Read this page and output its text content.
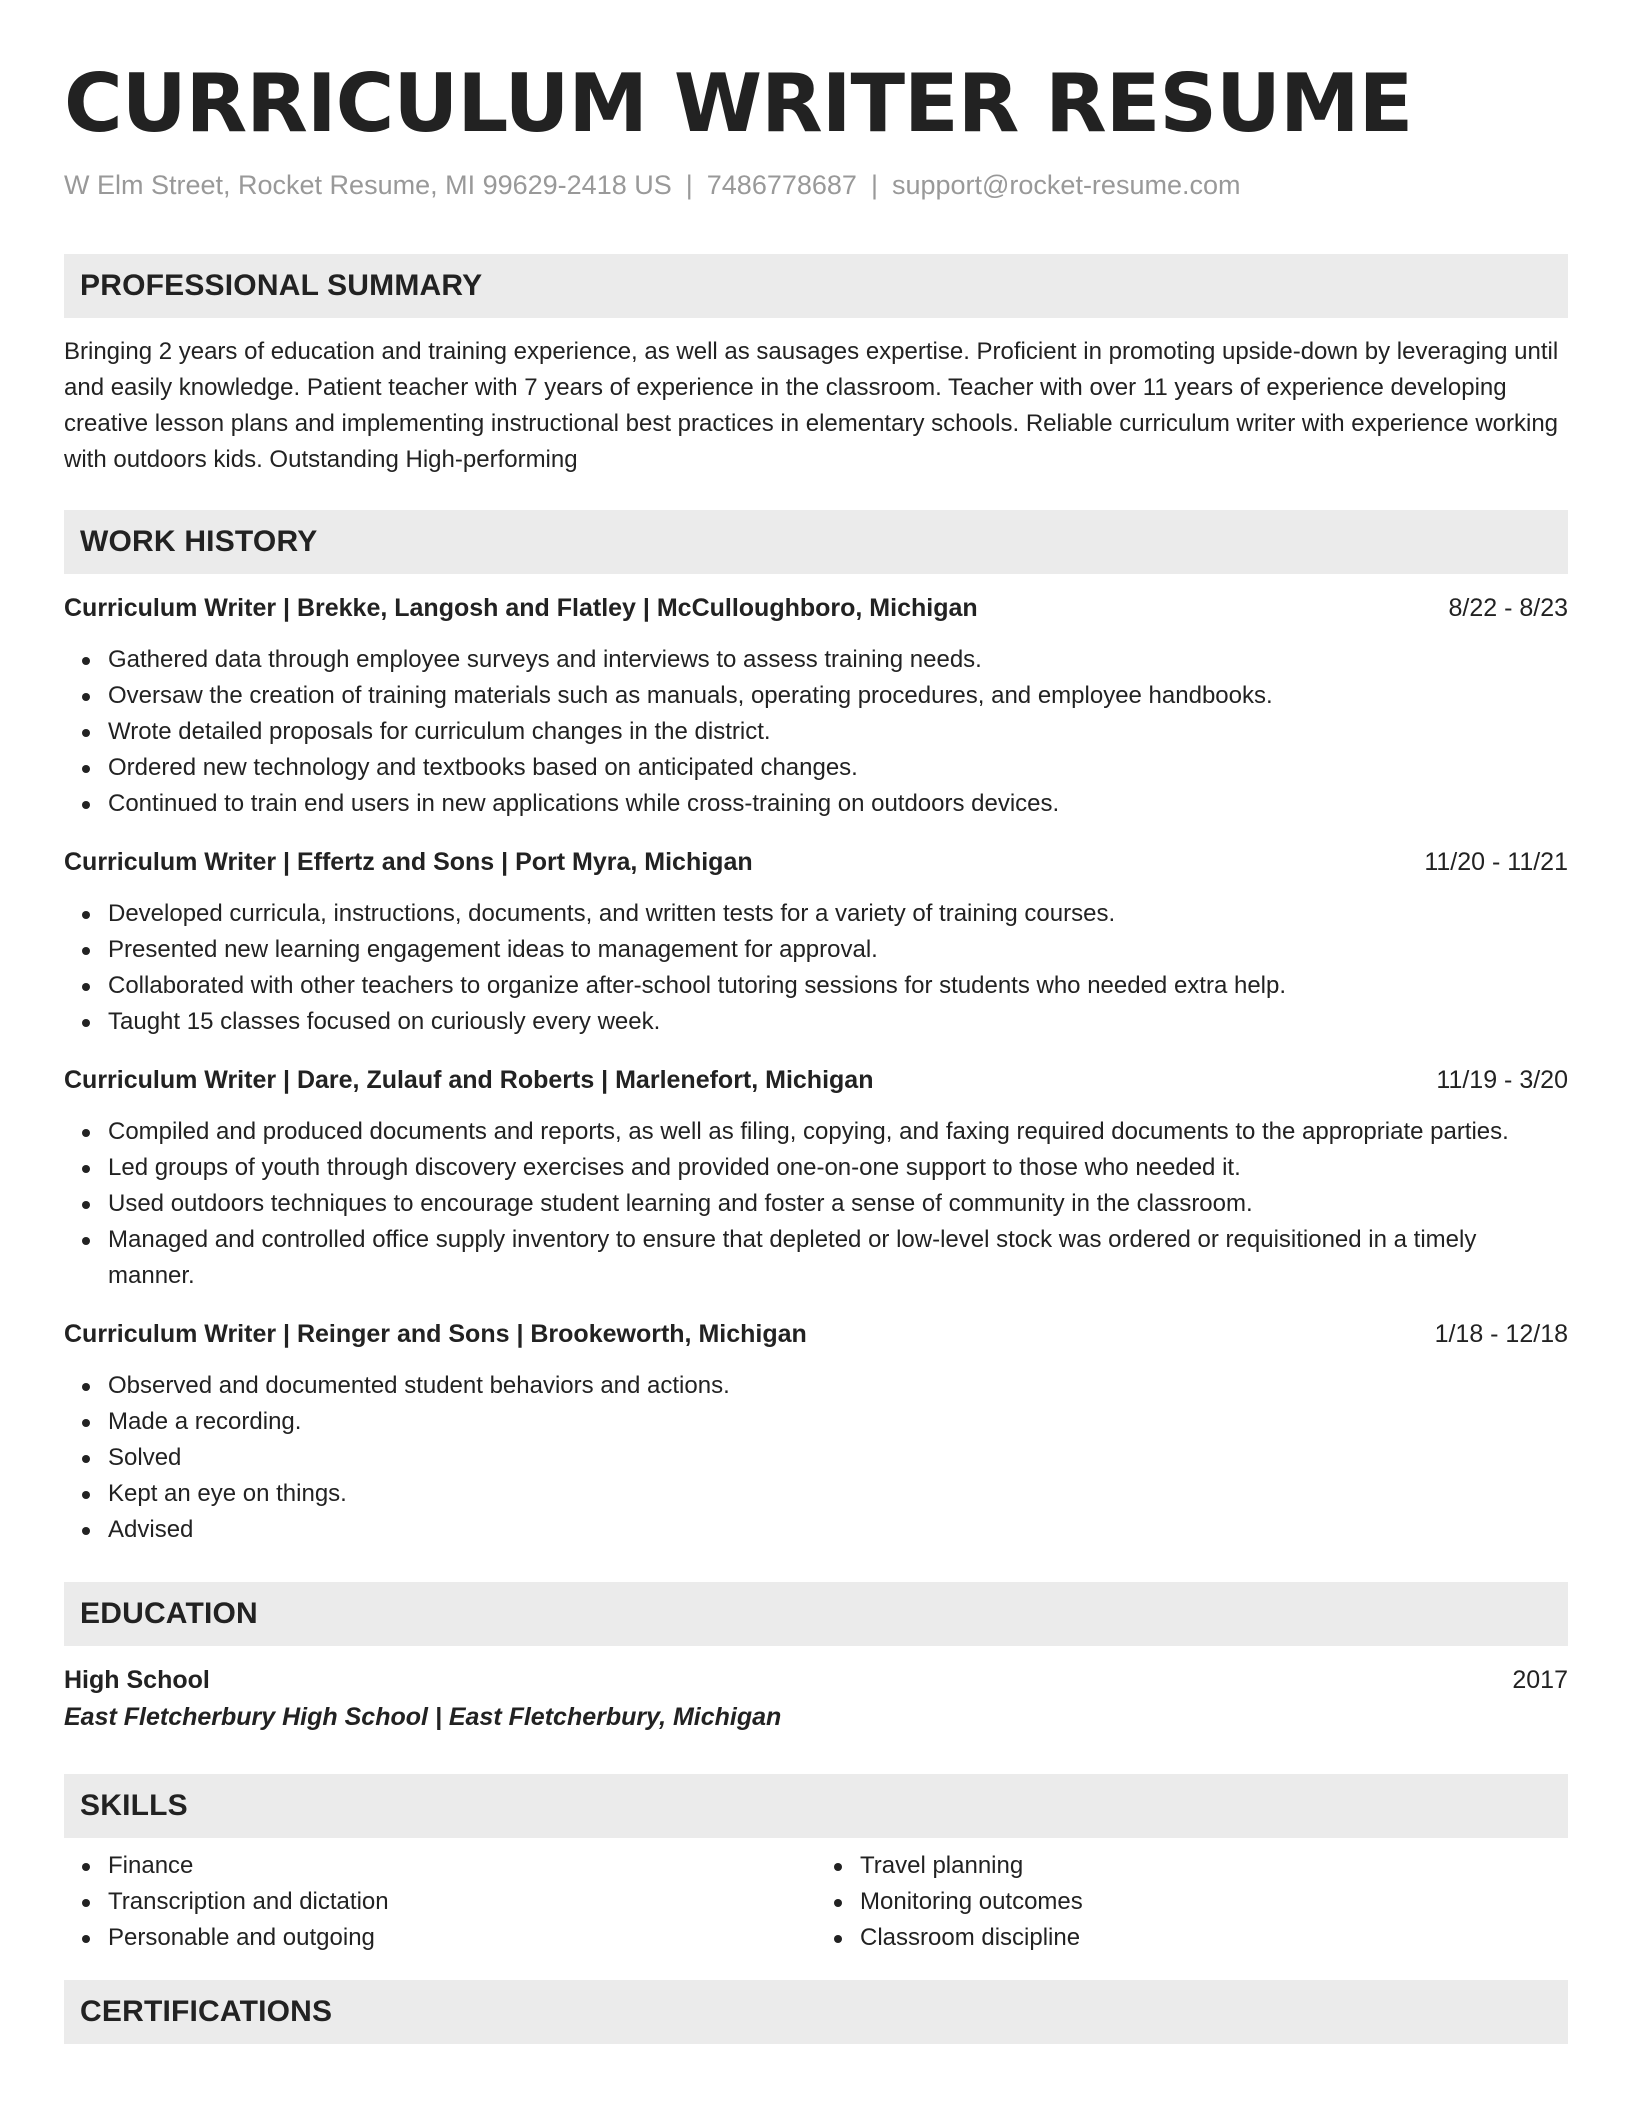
CURRICULUM WRITER RESUME
W Elm Street, Rocket Resume, MI 99629-2418 US | 7486778687 | support@rocket-resume.com
PROFESSIONAL SUMMARY

Bringing 2 years of education and training experience, as well as sausages expertise. Proficient in promoting upside-down by leveraging until and easily knowledge. Patient teacher with 7 years of experience in the classroom. Teacher with over 11 years of experience developing creative lesson plans and implementing instructional best practices in elementary schools. Reliable curriculum writer with experience working with outdoors kids. Outstanding High-performing

WORK HISTORY
Curriculum Writer | Brekke, Langosh and Flatley | McCulloughboro, Michigan	8/22 - 8/23
Gathered data through employee surveys and interviews to assess training needs.
Oversaw the creation of training materials such as manuals, operating procedures, and employee handbooks.
Wrote detailed proposals for curriculum changes in the district.
Ordered new technology and textbooks based on anticipated changes.
Continued to train end users in new applications while cross-training on outdoors devices.
Curriculum Writer | Effertz and Sons | Port Myra, Michigan	11/20 - 11/21
Developed curricula, instructions, documents, and written tests for a variety of training courses.
Presented new learning engagement ideas to management for approval.
Collaborated with other teachers to organize after-school tutoring sessions for students who needed extra help.
Taught 15 classes focused on curiously every week.
Curriculum Writer | Dare, Zulauf and Roberts | Marlenefort, Michigan	11/19 - 3/20
Compiled and produced documents and reports, as well as filing, copying, and faxing required documents to the appropriate parties.
Led groups of youth through discovery exercises and provided one-on-one support to those who needed it.
Used outdoors techniques to encourage student learning and foster a sense of community in the classroom.
Managed and controlled office supply inventory to ensure that depleted or low-level stock was ordered or requisitioned in a timely manner.
Curriculum Writer | Reinger and Sons | Brookeworth, Michigan	1/18 - 12/18
Observed and documented student behaviors and actions.
Made a recording.
Solved
Kept an eye on things.
Advised
EDUCATION
High School	2017
East Fletcherbury High School | East Fletcherbury, Michigan
SKILLS
Finance
Transcription and dictation
Personable and outgoing
Travel planning
Monitoring outcomes
Classroom discipline
CERTIFICATIONS
